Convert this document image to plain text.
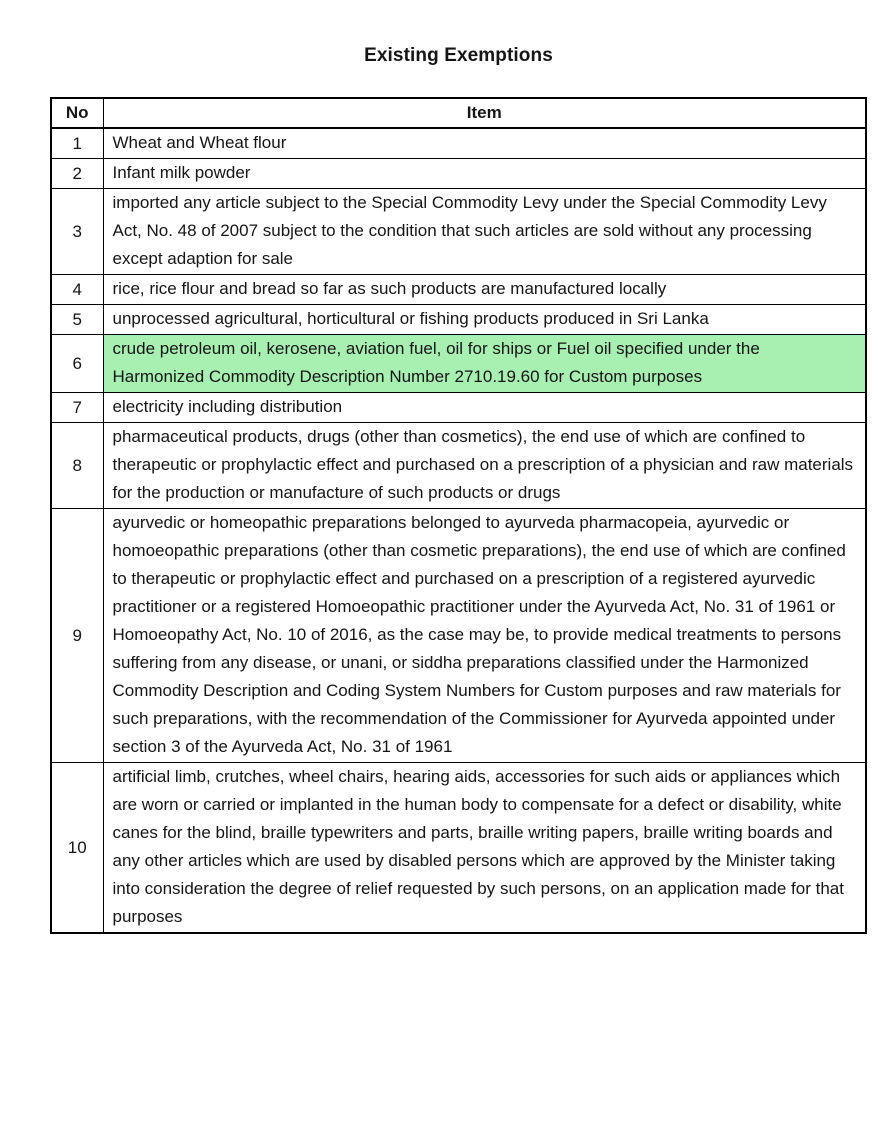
Existing Exemptions
No	Item
1	Wheat and Wheat flour
2	Infant milk powder
3	imported any article subject to the Special Commodity Levy under the Special Commodity Levy Act, No. 48 of 2007 subject to the condition that such articles are sold without any processing except adaption for sale
4	rice, rice flour and bread so far as such products are manufactured locally
5	unprocessed agricultural, horticultural or fishing products produced in Sri Lanka
6	crude petroleum oil, kerosene, aviation fuel, oil for ships or Fuel oil specified under the Harmonized Commodity Description Number 2710.19.60 for Custom purposes
7	electricity including distribution
8	pharmaceutical products, drugs (other than cosmetics), the end use of which are confined to therapeutic or prophylactic effect and purchased on a prescription of a physician and raw materials for the production or manufacture of such products or drugs
9	ayurvedic or homeopathic preparations belonged to ayurveda pharmacopeia, ayurvedic or homoeopathic preparations (other than cosmetic preparations), the end use of which are confined to therapeutic or prophylactic effect and purchased on a prescription of a registered ayurvedic practitioner or a registered Homoeopathic practitioner under the Ayurveda Act, No. 31 of 1961 or Homoeopathy Act, No. 10 of 2016, as the case may be, to provide medical treatments to persons suffering from any disease, or unani, or siddha preparations classified under the Harmonized Commodity Description and Coding System Numbers for Custom purposes and raw materials for such preparations, with the recommendation of the Commissioner for Ayurveda appointed under section 3 of the Ayurveda Act, No. 31 of 1961
10	artificial limb, crutches, wheel chairs, hearing aids, accessories for such aids or appliances which are worn or carried or implanted in the human body to compensate for a defect or disability, white canes for the blind, braille typewriters and parts, braille writing papers, braille writing boards and any other articles which are used by disabled persons which are approved by the Minister taking into consideration the degree of relief requested by such persons, on an application made for that purposes
